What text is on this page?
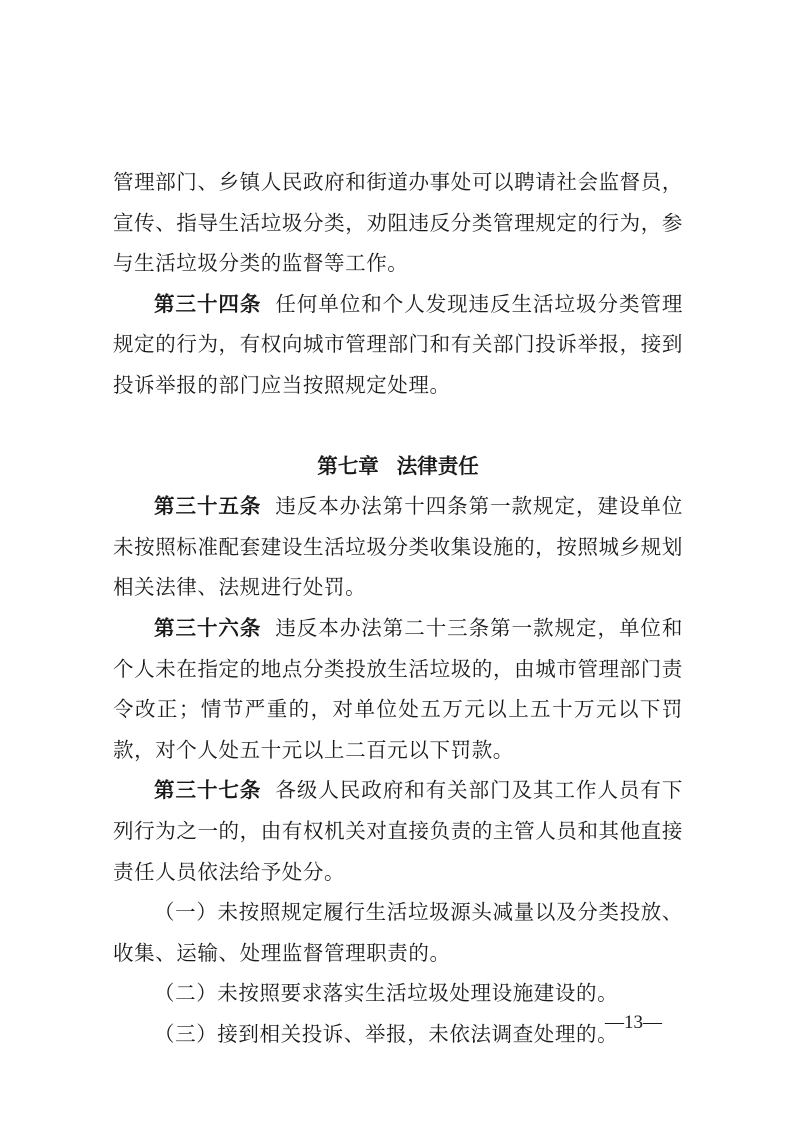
管理部门、乡镇人民政府和街道办事处可以聘请社会监督员，宣传、指导生活垃圾分类，劝阻违反分类管理规定的行为，参与生活垃圾分类的监督等工作。

第三十四条 任何单位和个人发现违反生活垃圾分类管理规定的行为，有权向城市管理部门和有关部门投诉举报，接到投诉举报的部门应当按照规定处理。

第七章 法律责任

第三十五条 违反本办法第十四条第一款规定，建设单位未按照标准配套建设生活垃圾分类收集设施的，按照城乡规划相关法律、法规进行处罚。

第三十六条 违反本办法第二十三条第一款规定，单位和个人未在指定的地点分类投放生活垃圾的，由城市管理部门责令改正；情节严重的，对单位处五万元以上五十万元以下罚款，对个人处五十元以上二百元以下罚款。

第三十七条 各级人民政府和有关部门及其工作人员有下列行为之一的，由有权机关对直接负责的主管人员和其他直接责任人员依法给予处分。

（一）未按照规定履行生活垃圾源头减量以及分类投放、收集、运输、处理监督管理职责的。

（二）未按照要求落实生活垃圾处理设施建设的。

（三）接到相关投诉、举报，未依法调查处理的。

—13—
